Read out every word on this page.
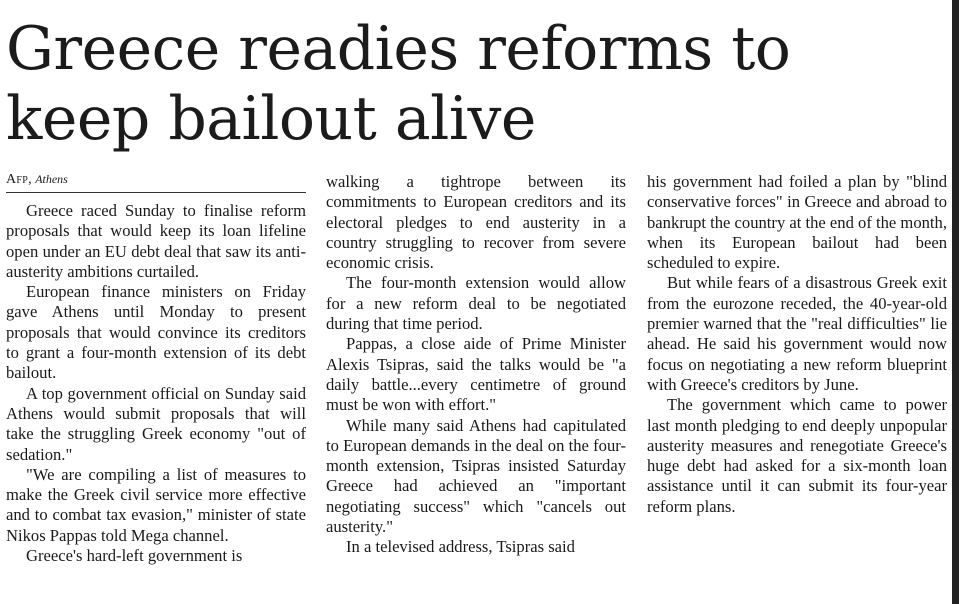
Greece readies reforms to keep bailout alive
Afp, Athens

Greece raced Sunday to finalise reform proposals that would keep its loan lifeline open under an EU debt deal that saw its anti-austerity ambitions curtailed.

European finance ministers on Friday gave Athens until Monday to present proposals that would convince its creditors to grant a four-month extension of its debt bailout.

A top government official on Sunday said Athens would submit proposals that will take the struggling Greek economy "out of sedation."

"We are compiling a list of measures to make the Greek civil service more effective and to combat tax evasion," minister of state Nikos Pappas told Mega channel.

Greece's hard-left government is

walking a tightrope between its commitments to European creditors and its electoral pledges to end austerity in a country struggling to recover from severe economic crisis.

The four-month extension would allow for a new reform deal to be negotiated during that time period.

Pappas, a close aide of Prime Minister Alexis Tsipras, said the talks would be "a daily battle...every centimetre of ground must be won with effort."

While many said Athens had capitulated to European demands in the deal on the four-month extension, Tsipras insisted Saturday Greece had achieved an "important negotiating success" which "cancels out austerity."

In a televised address, Tsipras said

his government had foiled a plan by "blind conservative forces" in Greece and abroad to bankrupt the country at the end of the month, when its European bailout had been scheduled to expire.

But while fears of a disastrous Greek exit from the eurozone receded, the 40-year-old premier warned that the "real difficulties" lie ahead. He said his government would now focus on negotiating a new reform blueprint with Greece's creditors by June.

The government which came to power last month pledging to end deeply unpopular austerity measures and renegotiate Greece's huge debt had asked for a six-month loan assistance until it can submit its four-year reform plans.
